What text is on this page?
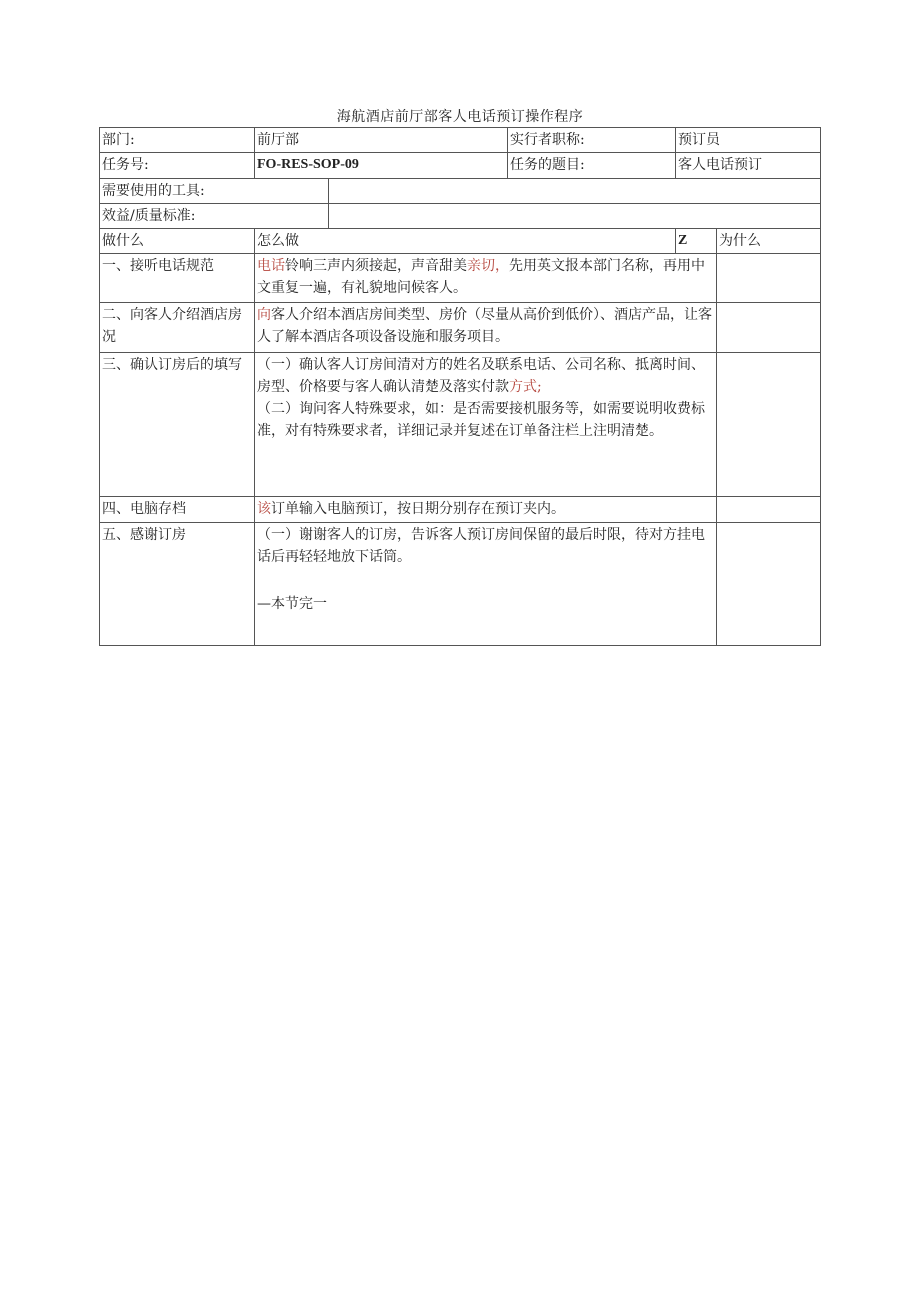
海航酒店前厅部客人电话预订操作程序
部门:	前厅部		实行者职称:	预订员	
任务号:	FO-RES-SOP-09		任务的题目:	客人电话预订	
需要使用的工具:					
效益/质量标准:					
做什么	怎么做			Z	为什么
一、接听电话规范	电话铃响三声内须接起，声音甜美亲切，先用英文报本部门名称，再用中文重复一遍，有礼貌地问候客人。				
二、向客人介绍酒店房况	向客人介绍本酒店房间类型、房价（尽量从高价到低价）、酒店产品，让客人了解本酒店各项设备设施和服务项目。				
三、确认订房后的填写	（一）确认客人订房间清对方的姓名及联系电话、公司名称、抵离时间、房型、价格要与客人确认清楚及落实付款方式;
（二）询问客人特殊要求，如：是否需要接机服务等，如需要说明收费标准，对有特殊要求者，详细记录并复述在订单备注栏上注明清楚。				

四、电脑存档	该订单输入电脑预订，按日期分别存在预订夹内。				
五、感谢订房	（一）谢谢客人的订房，告诉客人预订房间保留的最后时限，待对方挂电话后再轻轻地放下话筒。
—本节完一				
